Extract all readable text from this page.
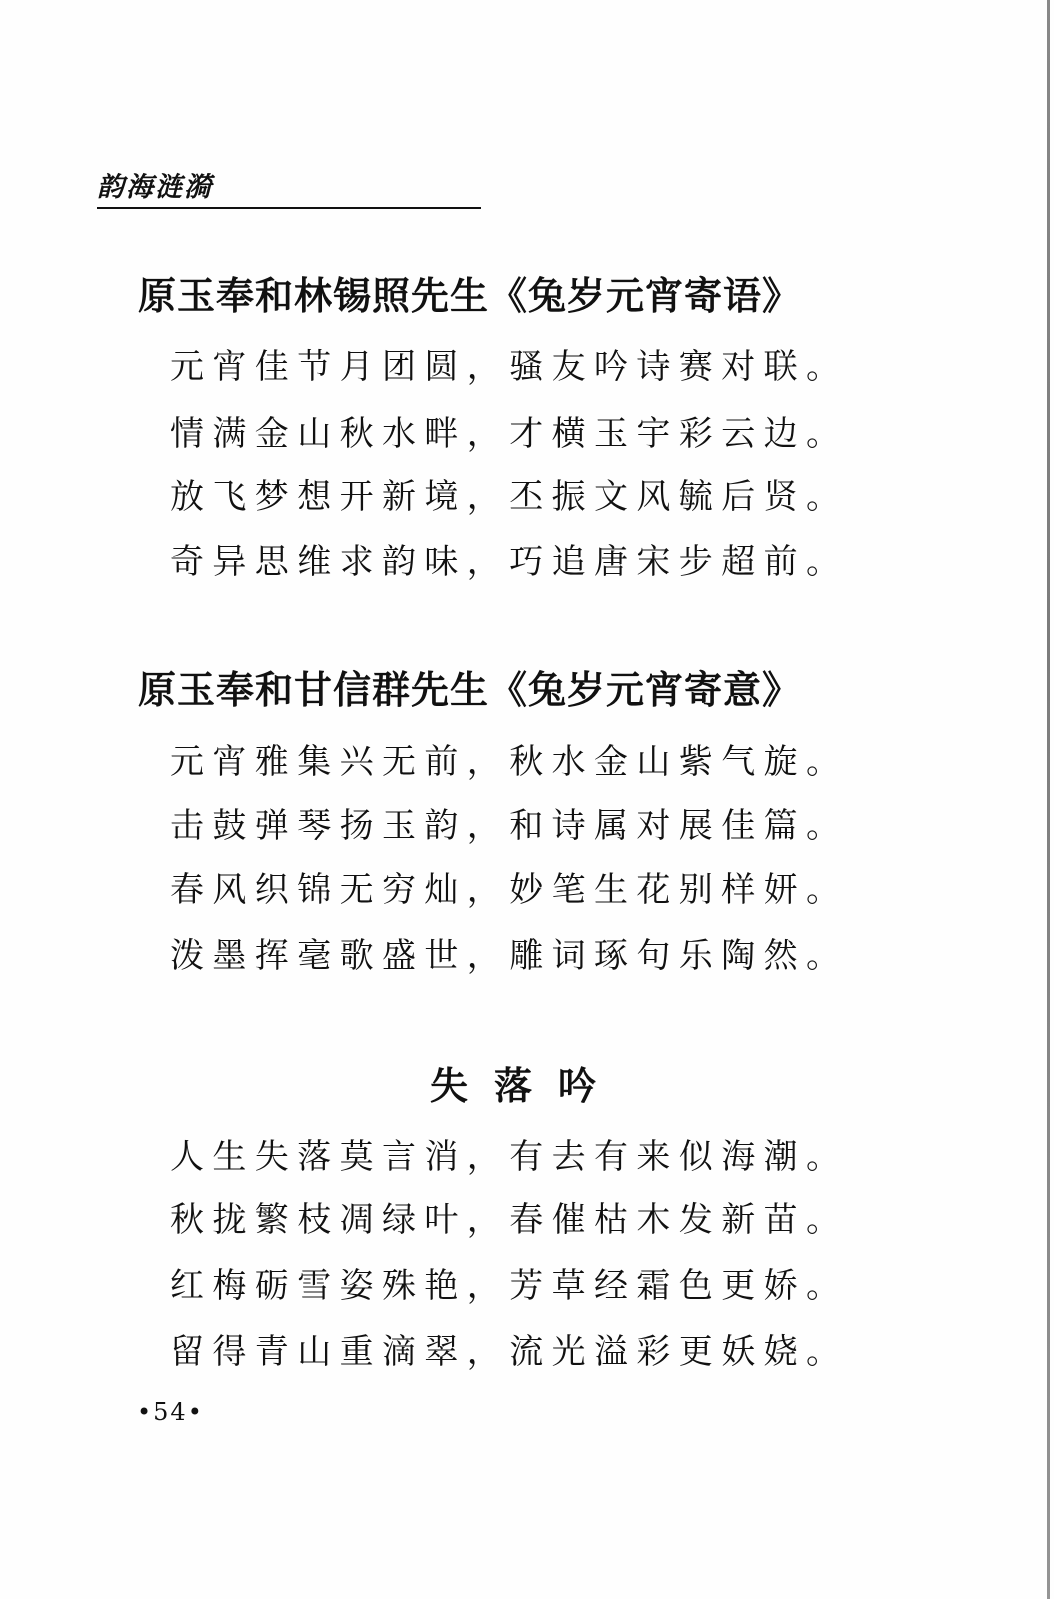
韵海涟漪
原玉奉和林锡照先生《兔岁元宵寄语》
元宵佳节月团圆，骚友吟诗赛对联。
情满金山秋水畔，才横玉宇彩云边。
放飞梦想开新境，丕振文风毓后贤。
奇异思维求韵味，巧追唐宋步超前。
原玉奉和甘信群先生《兔岁元宵寄意》
元宵雅集兴无前，秋水金山紫气旋。
击鼓弹琴扬玉韵，和诗属对展佳篇。
春风织锦无穷灿，妙笔生花别样妍。
泼墨挥毫歌盛世，雕词琢句乐陶然。
失落吟
人生失落莫言消，有去有来似海潮。
秋拢繁枝凋绿叶，春催枯木发新苗。
红梅砺雪姿殊艳，芳草经霜色更娇。
留得青山重滴翠，流光溢彩更妖娆。
•54•
